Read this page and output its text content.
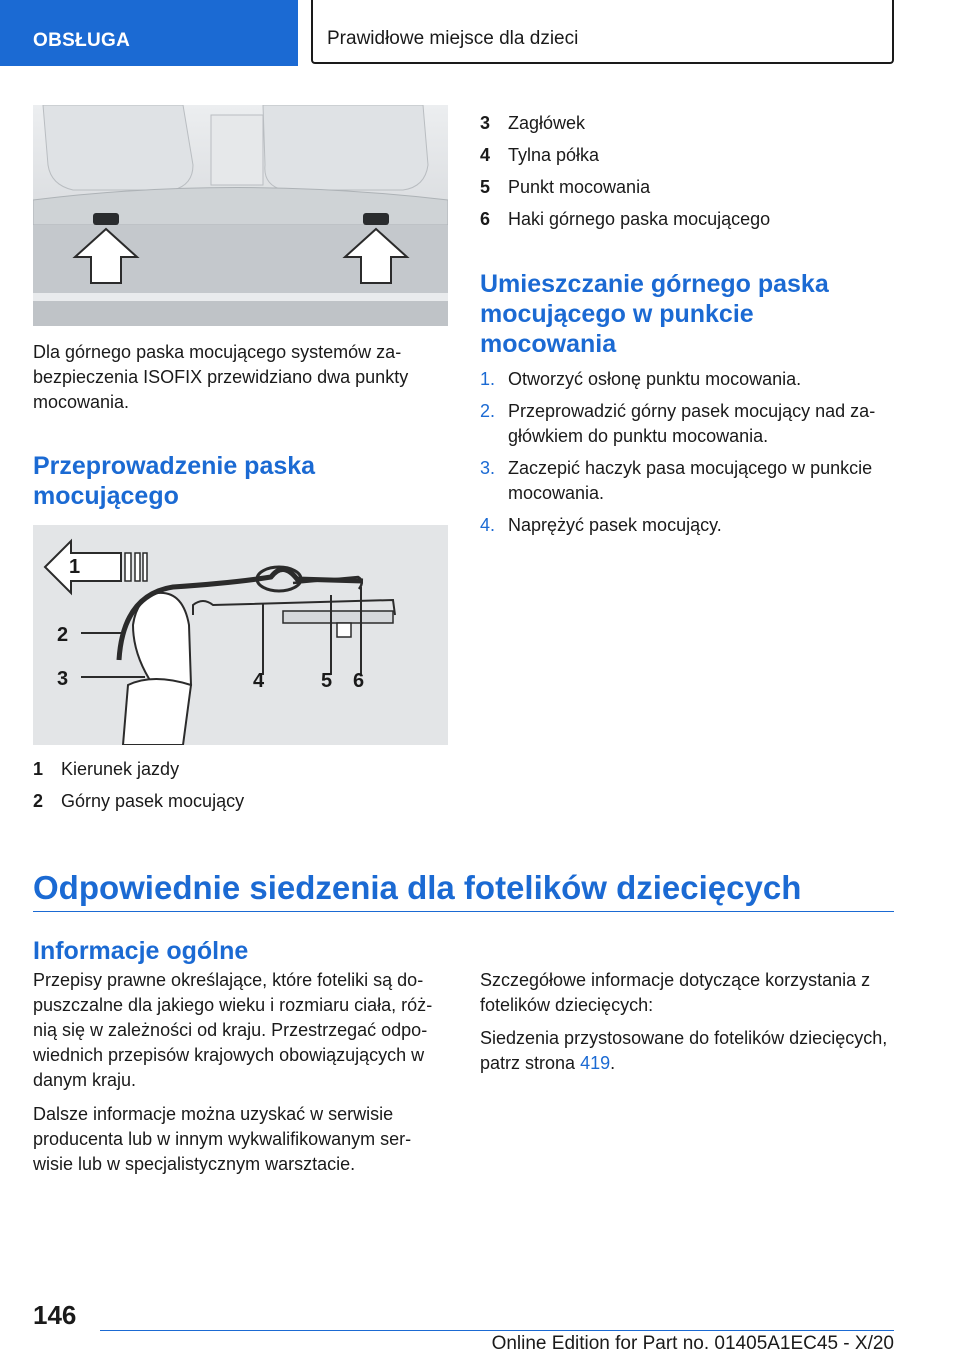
OBSŁUGA	Prawidłowe miejsce dla dzieci

Dla górnego paska mocującego systemów zabezpieczenia ISOFIX przewidziano dwa punkty mocowania.

Przeprowadzenie paska mocującego
1
2
3	4	5 6
1 Kierunek jazdy
2 Górny pasek mocujący
3 Zagłówek
4 Tylna półka
5 Punkt mocowania
6 Haki górnego paska mocującego
Umieszczanie górnego paska mocującego w punkcie mocowania
1. Otworzyć osłonę punktu mocowania.
2. Przeprowadzić górny pasek mocujący nad zagłówkiem do punktu mocowania.
3. Zaczepić haczyk pasa mocującego w punkcie mocowania.
4. Naprężyć pasek mocujący.
Odpowiednie siedzenia dla fotelików dziecięcych
Informacje ogólne

Przepisy prawne określające, które foteliki są dopuszczalne dla jakiego wieku i rozmiaru ciała, różnią się w zależności od kraju. Przestrzegać odpowiednich przepisów krajowych obowiązujących w danym kraju.

Dalsze informacje można uzyskać w serwisie producenta lub w innym wykwalifikowanym serwisie lub w specjalistycznym warsztacie.

Szczegółowe informacje dotyczące korzystania z fotelików dziecięcych:

Siedzenia przystosowane do fotelików dziecięcych, patrz strona 419.

146
Online Edition for Part no. 01405A1EC45 - X/20
